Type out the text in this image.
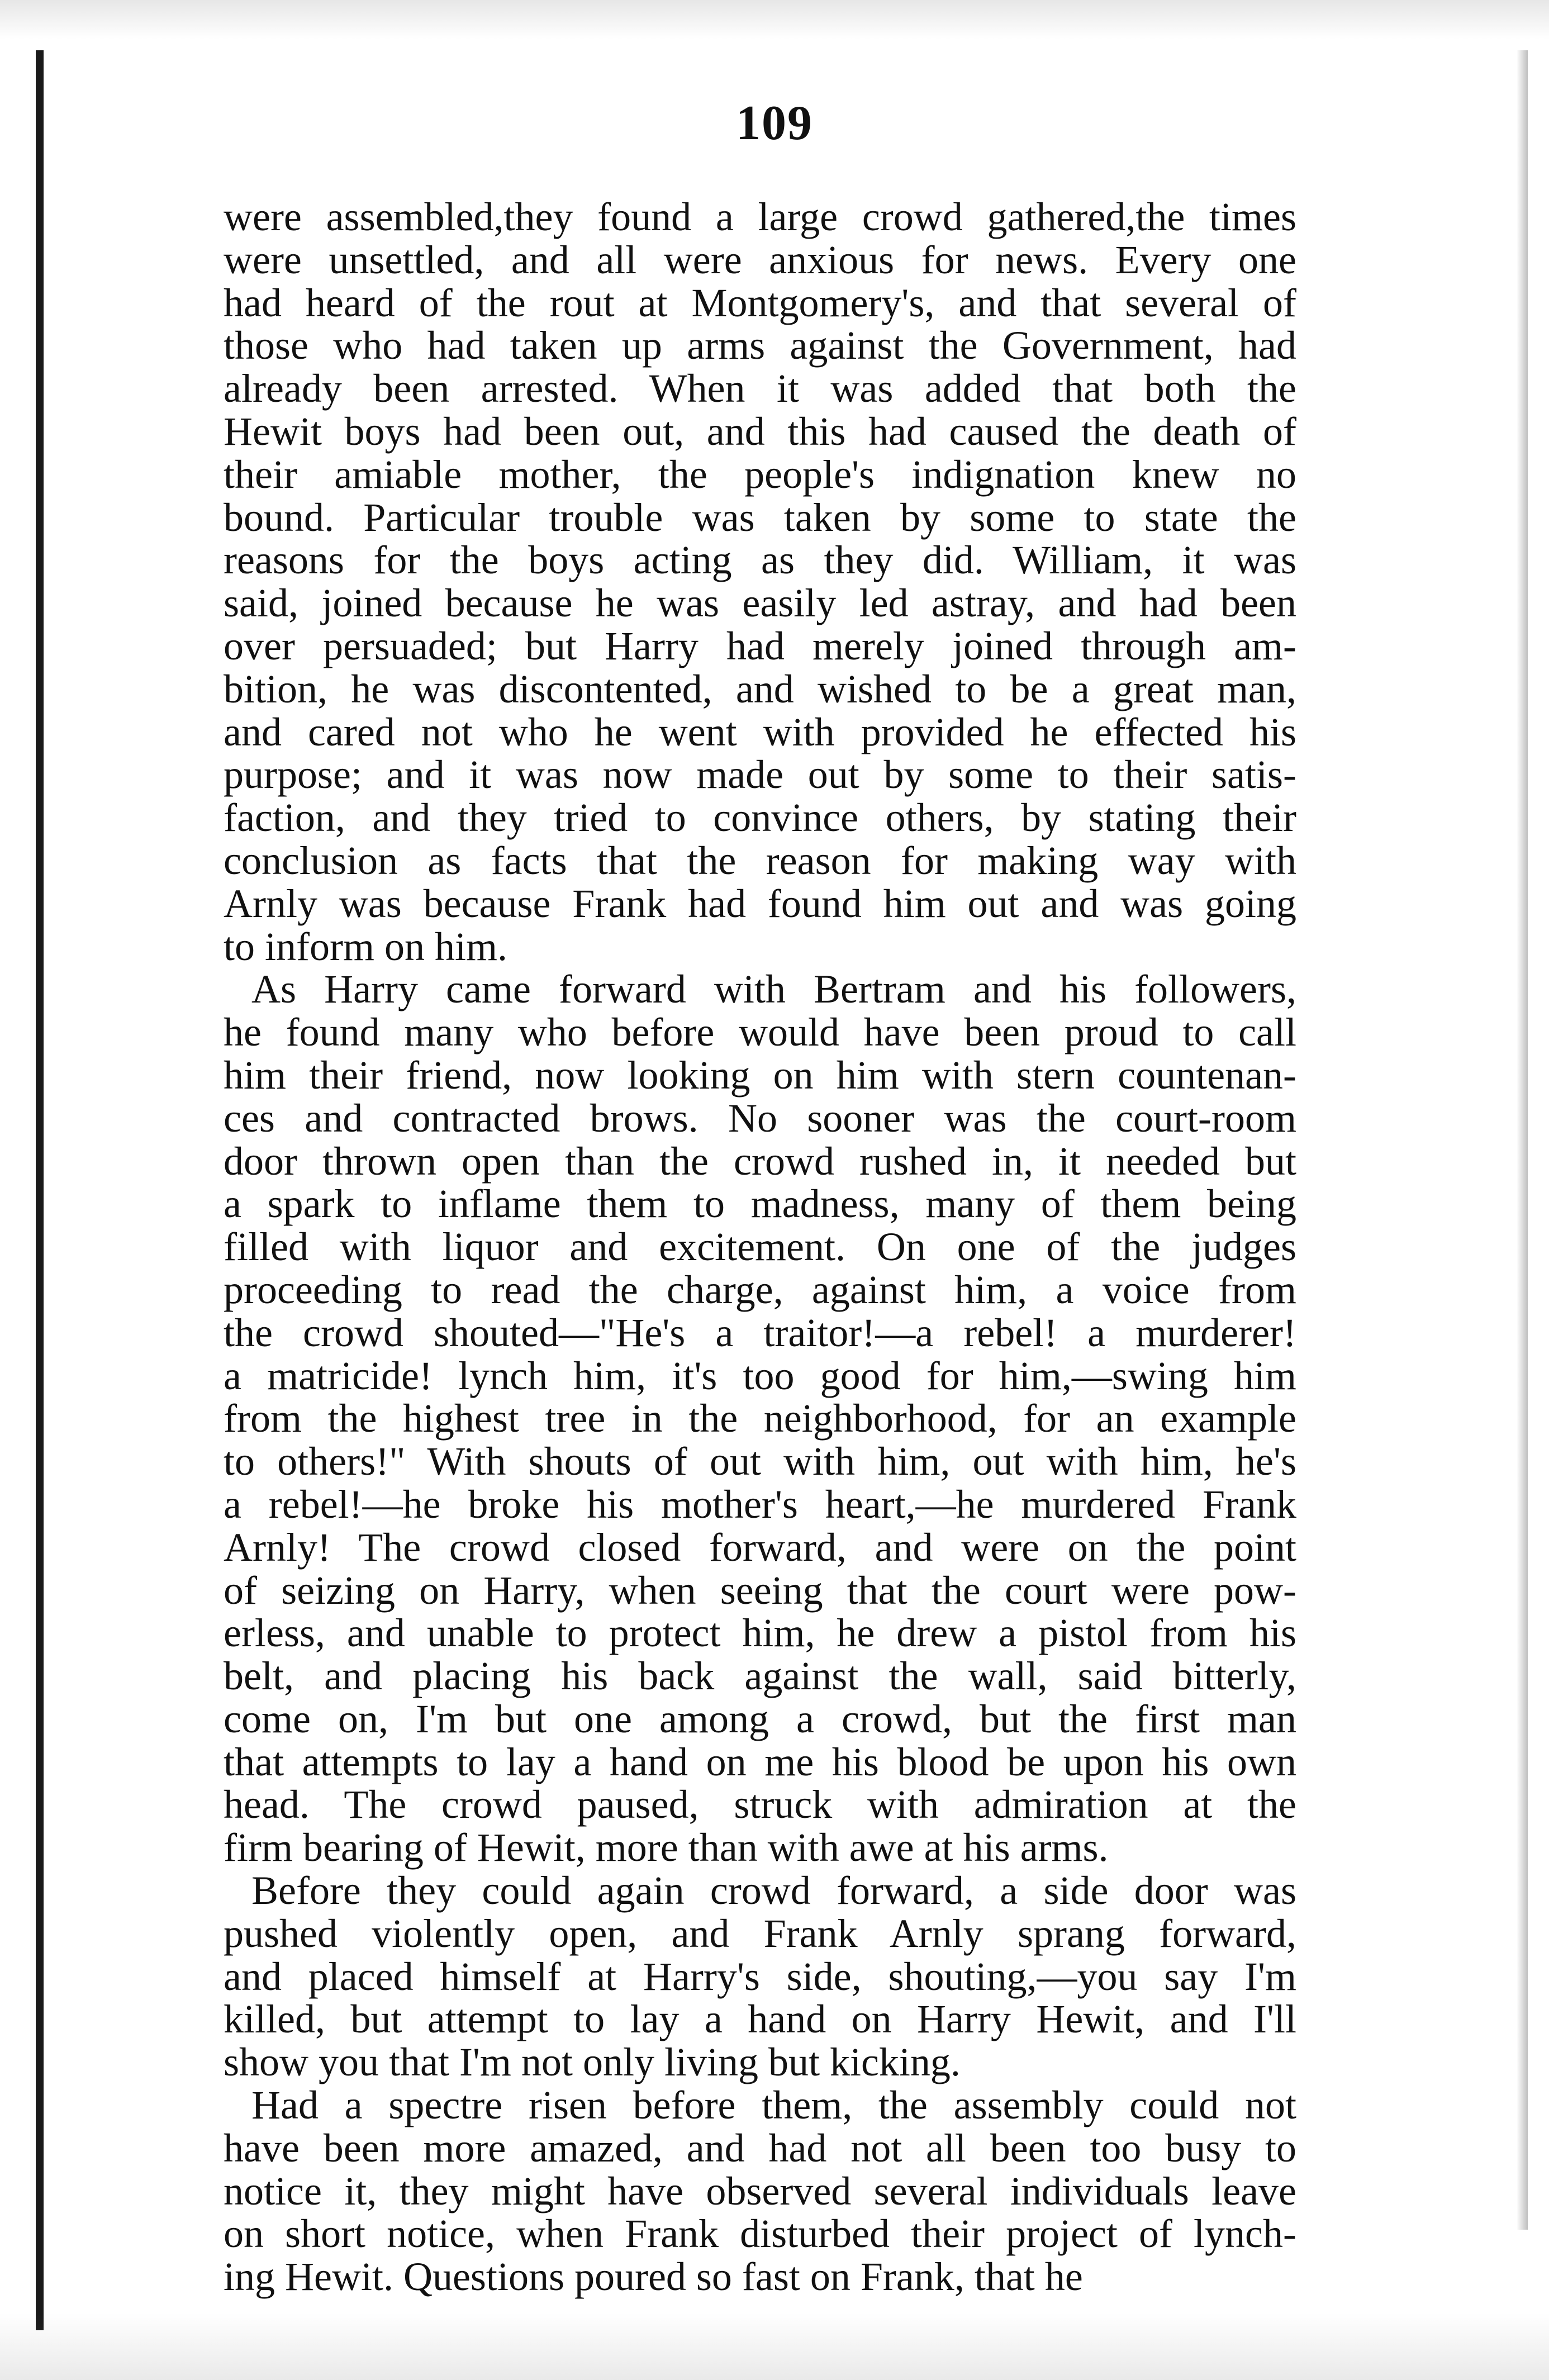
109
were assembled,they found a large crowd gathered,the times
were unsettled, and all were anxious for news. Every one
had heard of the rout at Montgomery's, and that several of
those who had taken up arms against the Government, had
already been arrested. When it was added that both the
Hewit boys had been out, and this had caused the death of
their amiable mother, the people's indignation knew no
bound. Particular trouble was taken by some to state the
reasons for the boys acting as they did. William, it was
said, joined because he was easily led astray, and had been
over persuaded; but Harry had merely joined through am-
bition, he was discontented, and wished to be a great man,
and cared not who he went with provided he effected his
purpose; and it was now made out by some to their satis-
faction, and they tried to convince others, by stating their
conclusion as facts that the reason for making way with
Arnly was because Frank had found him out and was going
to inform on him.
As Harry came forward with Bertram and his followers,
he found many who before would have been proud to call
him their friend, now looking on him with stern countenan-
ces and contracted brows. No sooner was the court-room
door thrown open than the crowd rushed in, it needed but
a spark to inflame them to madness, many of them being
filled with liquor and excitement. On one of the judges
proceeding to read the charge, against him, a voice from
the crowd shouted—"He's a traitor!—a rebel! a murderer!
a matricide! lynch him, it's too good for him,—swing him
from the highest tree in the neighborhood, for an example
to others!" With shouts of out with him, out with him, he's
a rebel!—he broke his mother's heart,—he murdered Frank
Arnly! The crowd closed forward, and were on the point
of seizing on Harry, when seeing that the court were pow-
erless, and unable to protect him, he drew a pistol from his
belt, and placing his back against the wall, said bitterly,
come on, I'm but one among a crowd, but the first man
that attempts to lay a hand on me his blood be upon his own
head. The crowd paused, struck with admiration at the
firm bearing of Hewit, more than with awe at his arms.
Before they could again crowd forward, a side door was
pushed violently open, and Frank Arnly sprang forward,
and placed himself at Harry's side, shouting,—you say I'm
killed, but attempt to lay a hand on Harry Hewit, and I'll
show you that I'm not only living but kicking.
Had a spectre risen before them, the assembly could not
have been more amazed, and had not all been too busy to
notice it, they might have observed several individuals leave
on short notice, when Frank disturbed their project of lynch-
ing Hewit. Questions poured so fast on Frank, that he
